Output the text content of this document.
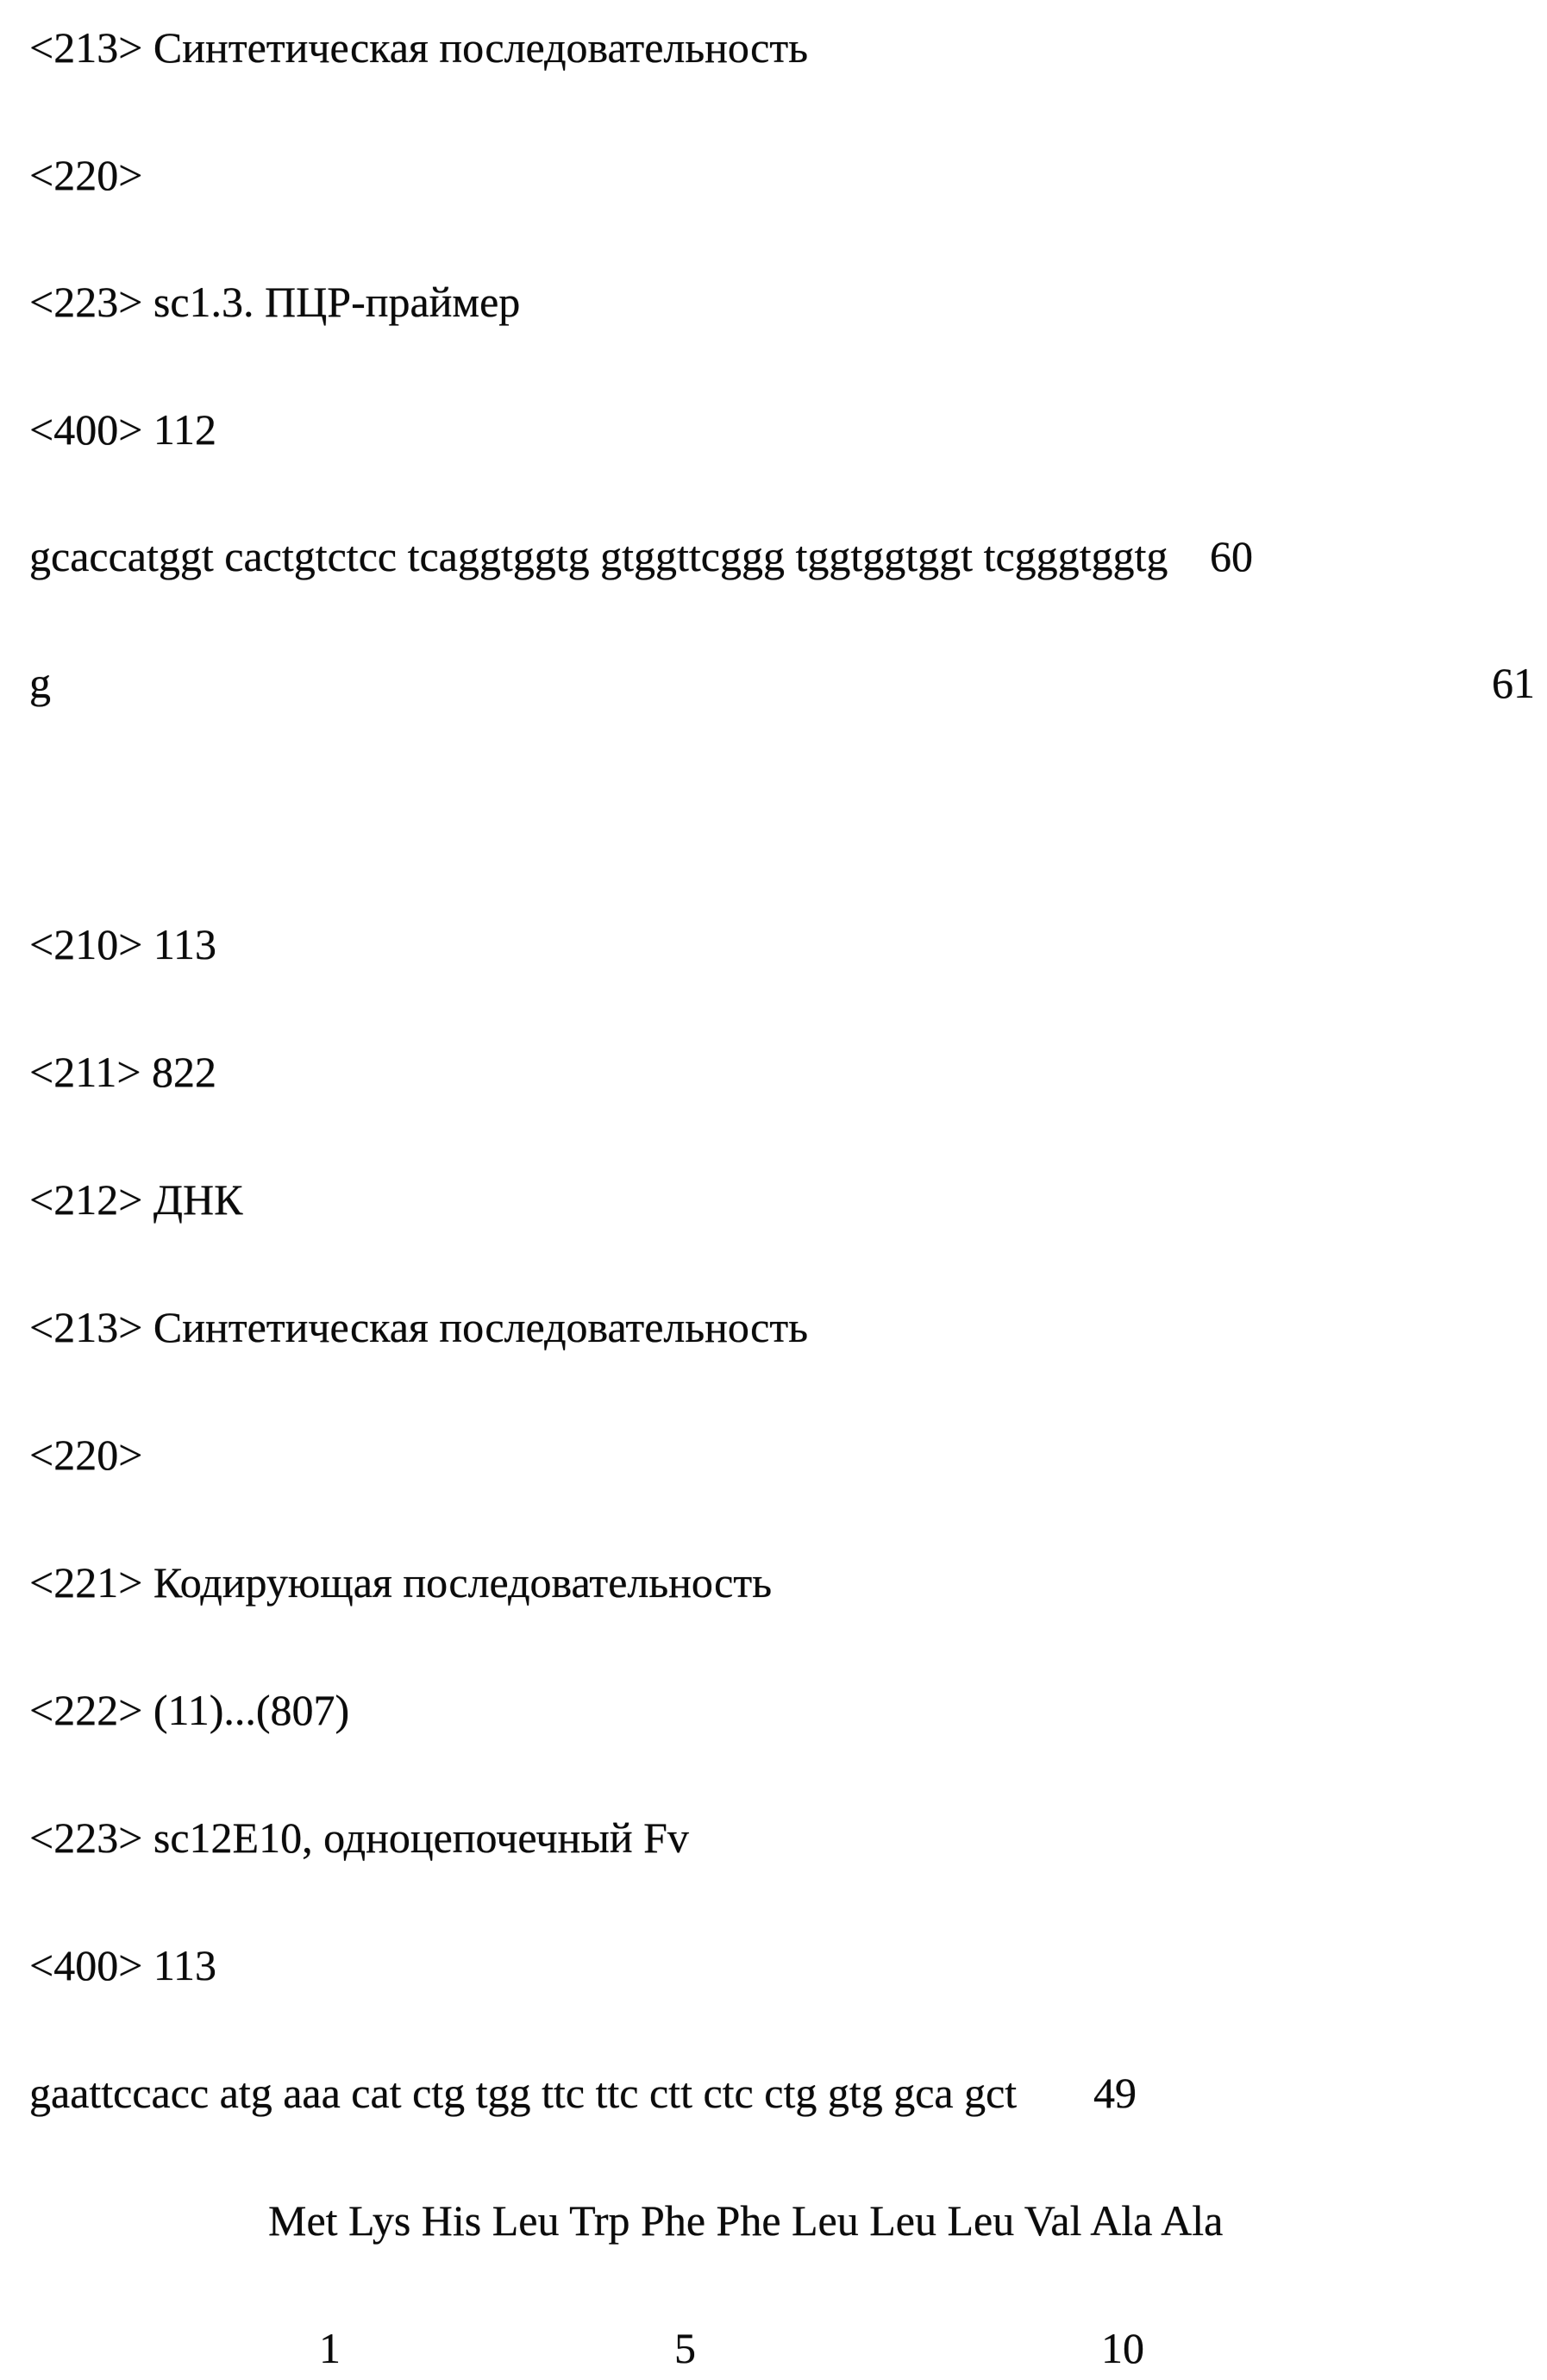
<213> Синтетическая последовательность
<220>
<223> sc1.3. ПЦР-праймер
<400> 112
gcaccatggt cactgtctcc tcaggtggtg gtggttcggg tggtggtggt tcgggtggtg 60
g	61
<210> 113
<211> 822
<212> ДНК
<213> Синтетическая последовательность
<220>
<221> Кодирующая последовательность
<222> (11)...(807)
<223> sc12E10, одноцепочечный Fv
<400> 113
gaattccacc atg aaa cat ctg tgg ttc ttc ctt ctc ctg gtg gca gct 49
Met Lys His Leu Trp Phe Phe Leu Leu Leu Val Ala Ala
1	5	10
